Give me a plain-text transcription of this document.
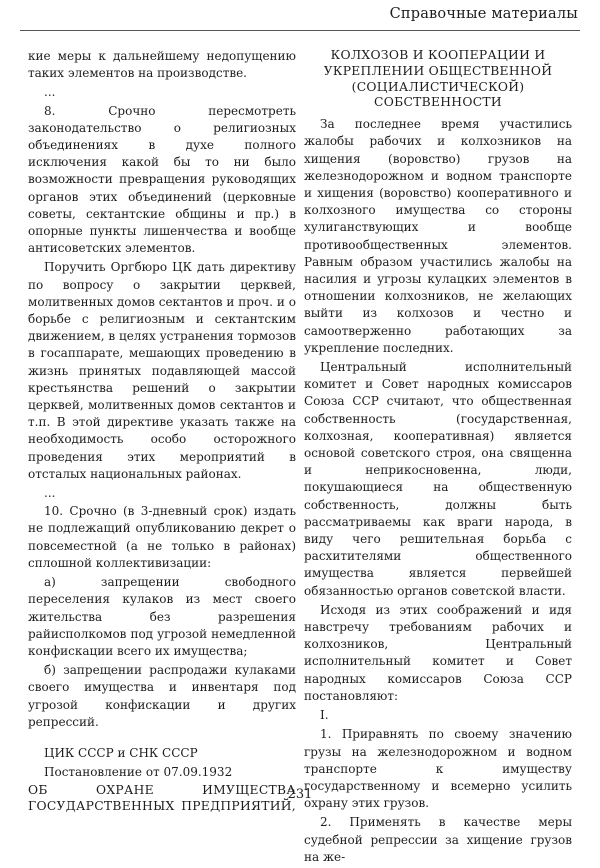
Справочные материалы

кие меры к дальнейшему недопущению таких элементов на производстве.

...

8. Срочно пересмотреть законодательство о религиозных объединениях в духе полного исключения какой бы то ни было возможности превращения руководящих органов этих объединений (церковные советы, сектантские общины и пр.) в опорные пункты лишенчества и вообще антисоветских элементов.

Поручить Оргбюро ЦК дать директиву по вопросу о закрытии церквей, молитвенных домов сектантов и проч. и о борьбе с религиозным и сектантским движением, в целях устранения тормозов в госаппарате, мешающих проведению в жизнь принятых подавляющей массой крестьянства решений о закрытии церквей, молитвенных домов сектантов и т.п. В этой директиве указать также на необходимость особо осторожного проведения этих мероприятий в отсталых национальных районах.

...

10. Срочно (в 3-дневный срок) издать не подлежащий опубликованию декрет о повсеместной (а не только в районах) сплошной коллективизации:

а) запрещении свободного переселения кулаков из мест своего жительства без разрешения райисполкомов под угрозой немедленной конфискации всего их имущества;

б) запрещении распродажи кулаками своего имущества и инвентаря под угрозой конфискации и других репрессий.

ЦИК СССР и СНК СССР

Постановление от 07.09.1932

ОБ ОХРАНЕ ИМУЩЕСТВА ГОСУДАРСТВЕННЫХ ПРЕДПРИЯТИЙ,

КОЛХОЗОВ И КООПЕРАЦИИ И УКРЕПЛЕНИИ ОБЩЕСТВЕННОЙ (СОЦИАЛИСТИЧЕСКОЙ) СОБСТВЕННОСТИ

За последнее время участились жалобы рабочих и колхозников на хищения (воровство) грузов на железнодорожном и водном транспорте и хищения (воровство) кооперативного и колхозного имущества со стороны хулиганствующих и вообще противообщественных элементов. Равным образом участились жалобы на насилия и угрозы кулацких элементов в отношении колхозников, не желающих выйти из колхозов и честно и самоотверженно работающих за укрепление последних.

Центральный исполнительный комитет и Совет народных комиссаров Союза ССР считают, что общественная собственность (государственная, колхозная, кооперативная) является основой советского строя, она священна и неприкосновенна, люди, покушающиеся на общественную собственность, должны быть рассматриваемы как враги народа, в виду чего решительная борьба с расхитителями общественного имущества является первейшей обязанностью органов советской власти.

Исходя из этих соображений и идя навстречу требованиям рабочих и колхозников, Центральный исполнительный комитет и Совет народных комиссаров Союза ССР постановляют:

I.

1. Приравнять по своему значению грузы на железнодорожном и водном транспорте к имуществу государственному и всемерно усилить охрану этих грузов.

2. Применять в качестве меры судебной репрессии за хищение грузов на же-

231
